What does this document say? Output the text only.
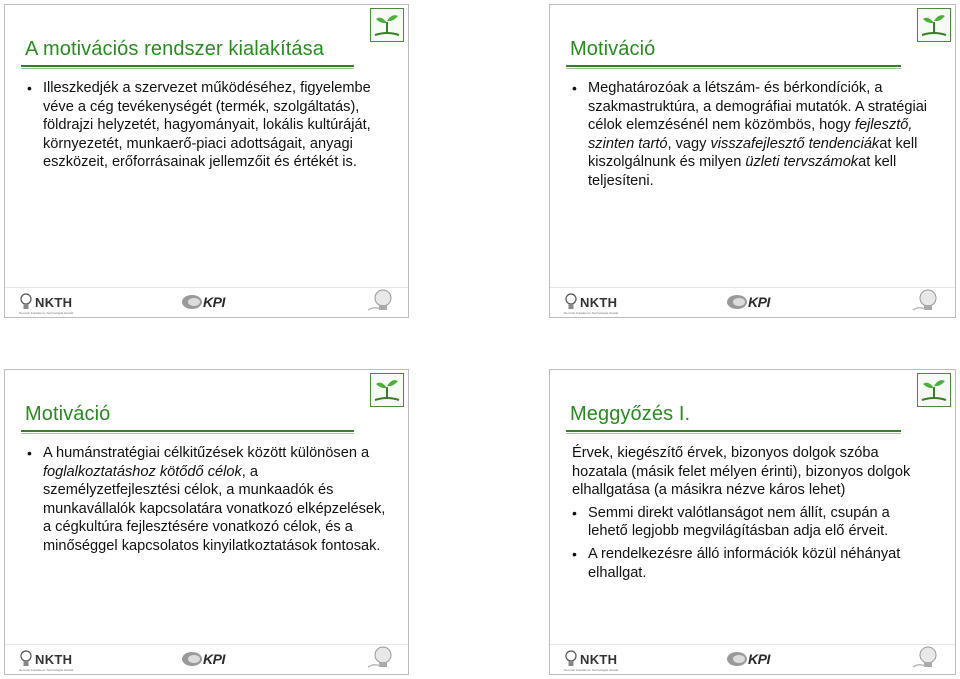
A motivációs rendszer kialakítása

• Illeszkedjék a szervezet működéséhez, figyelembe véve a cég tevékenységét (termék, szolgáltatás), földrajzi helyzetét, hagyományait, lokális kultúráját, környezetét, munkaerő-piaci adottságait, anyagi eszközeit, erőforrásainak jellemzőit és értékét is.

NKTH
Nemzeti Kutatási és Technológiai Hivatal
KPI
Motiváció

• Meghatározóak a létszám- és bérkondíciók, a szakmastruktúra, a demográfiai mutatók. A stratégiai célok elemzésénél nem közömbös, hogy fejlesztő, szinten tartó, vagy visszafejlesztő tendenciákat kell kiszolgálnunk és milyen üzleti tervszámokat kell teljesíteni.

NKTH
Nemzeti Kutatási és Technológiai Hivatal
KPI
Motiváció

• A humánstratégiai célkitűzések között különösen a foglalkoztatáshoz kötődő célok, a személyzetfejlesztési célok, a munkaadók és munkavállalók kapcsolatára vonatkozó elképzelések, a cégkultúra fejlesztésére vonatkozó célok, és a minőséggel kapcsolatos kinyilatkoztatások fontosak.

NKTH
Nemzeti Kutatási és Technológiai Hivatal
KPI
Meggyőzés I.

Érvek, kiegészítő érvek, bizonyos dolgok szóba hozatala (másik felet mélyen érinti), bizonyos dolgok elhallgatása (a másikra nézve káros lehet)

• Semmi direkt valótlanságot nem állít, csupán a lehető legjobb megvilágításban adja elő érveit.

• A rendelkezésre álló információk közül néhányat elhallgat.

NKTH
Nemzeti Kutatási és Technológiai Hivatal
KPI
